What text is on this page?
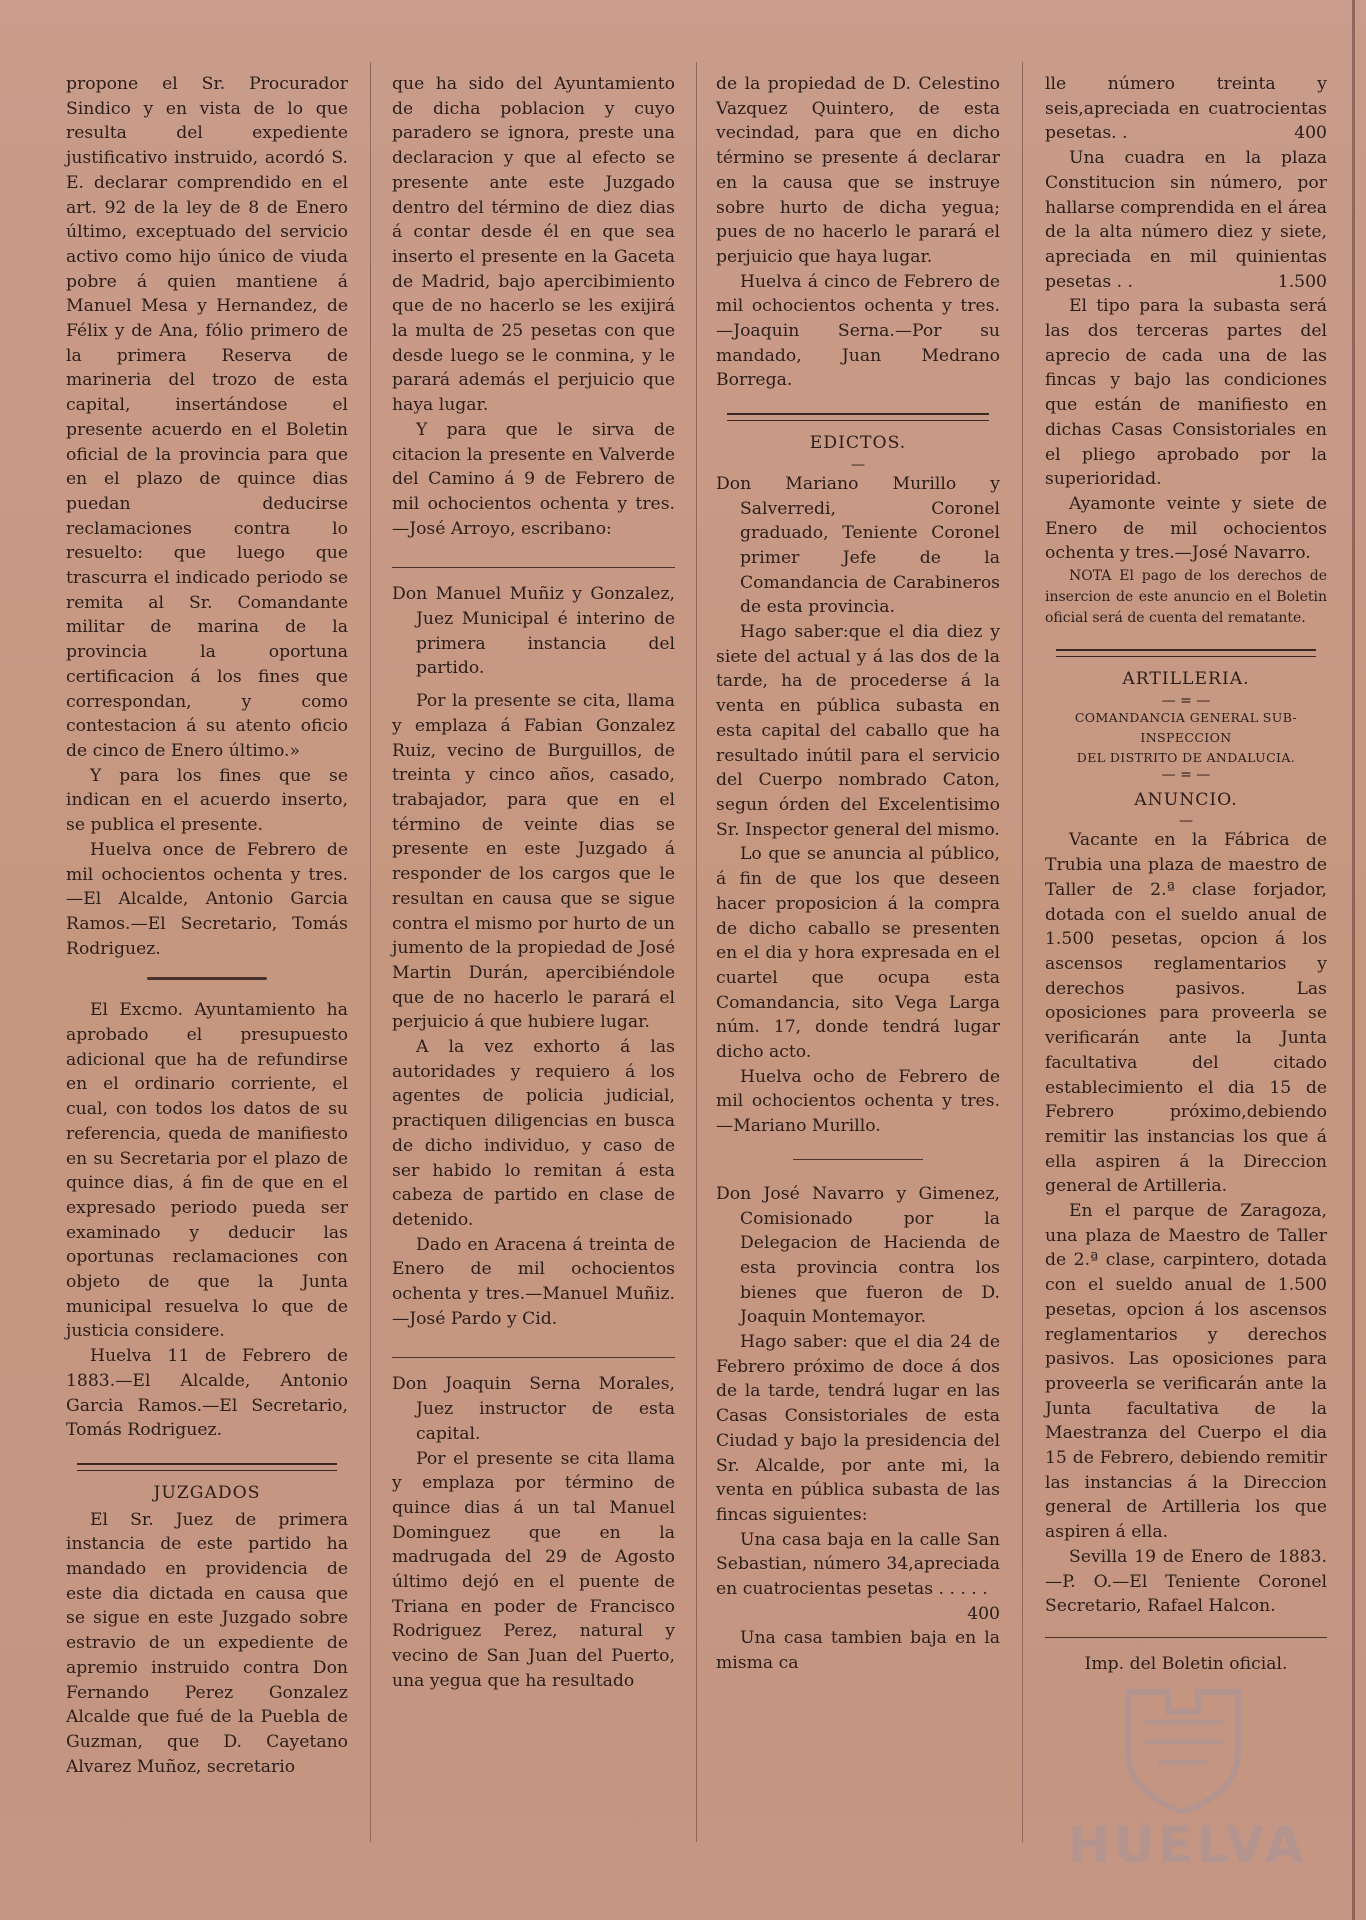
propone el Sr. Procurador Sindico y en vista de lo que resulta del expediente justificativo instruido, acordó S. E. declarar comprendido en el art. 92 de la ley de 8 de Enero último, exceptuado del servicio activo como hijo único de viuda pobre á quien mantiene á Manuel Mesa y Hernandez, de Félix y de Ana, fólio primero de la primera Reserva de marineria del trozo de esta capital, insertándose el presente acuerdo en el Boletin oficial de la provincia para que en el plazo de quince dias puedan deducirse reclamaciones contra lo resuelto: que luego que trascurra el indicado periodo se remita al Sr. Comandante militar de marina de la provincia la oportuna certificacion á los fines que correspondan, y como contestacion á su atento oficio de cinco de Enero último.»

Y para los fines que se indican en el acuerdo inserto, se publica el presente.

Huelva once de Febrero de mil ochocientos ochenta y tres.—El Alcalde, Antonio Garcia Ramos.—El Secretario, Tomás Rodriguez.

El Excmo. Ayuntamiento ha aprobado el presupuesto adicional que ha de refundirse en el ordinario corriente, el cual, con todos los datos de su referencia, queda de manifiesto en su Secretaria por el plazo de quince dias, á fin de que en el expresado periodo pueda ser examinado y deducir las oportunas reclamaciones con objeto de que la Junta municipal resuelva lo que de justicia considere.

Huelva 11 de Febrero de 1883.—El Alcalde, Antonio Garcia Ramos.—El Secretario, Tomás Rodriguez.

JUZGADOS

El Sr. Juez de primera instancia de este partido ha mandado en providencia de este dia dictada en causa que se sigue en este Juzgado sobre estravio de un expediente de apremio instruido contra Don Fernando Perez Gonzalez Alcalde que fué de la Puebla de Guzman, que D. Cayetano Alvarez Muñoz, secretario

que ha sido del Ayuntamiento de dicha poblacion y cuyo paradero se ignora, preste una declaracion y que al efecto se presente ante este Juzgado dentro del término de diez dias á contar desde él en que sea inserto el presente en la Gaceta de Madrid, bajo apercibimiento que de no hacerlo se les exijirá la multa de 25 pesetas con que desde luego se le conmina, y le parará además el perjuicio que haya lugar.

Y para que le sirva de citacion la presente en Valverde del Camino á 9 de Febrero de mil ochocientos ochenta y tres.—José Arroyo, escribano:

Don Manuel Muñiz y Gonzalez, Juez Municipal é interino de primera instancia del partido.

Por la presente se cita, llama y emplaza á Fabian Gonzalez Ruiz, vecino de Burguillos, de treinta y cinco años, casado, trabajador, para que en el término de veinte dias se presente en este Juzgado á responder de los cargos que le resultan en causa que se sigue contra el mismo por hurto de un jumento de la propiedad de José Martin Durán, apercibiéndole que de no hacerlo le parará el perjuicio á que hubiere lugar.

A la vez exhorto á las autoridades y requiero á los agentes de policia judicial, practiquen diligencias en busca de dicho individuo, y caso de ser habido lo remitan á esta cabeza de partido en clase de detenido.

Dado en Aracena á treinta de Enero de mil ochocientos ochenta y tres.—Manuel Muñiz.—José Pardo y Cid.

Don Joaquin Serna Morales, Juez instructor de esta capital.

Por el presente se cita llama y emplaza por término de quince dias á un tal Manuel Dominguez que en la madrugada del 29 de Agosto último dejó en el puente de Triana en poder de Francisco Rodriguez Perez, natural y vecino de San Juan del Puerto, una yegua que ha resultado

de la propiedad de D. Celestino Vazquez Quintero, de esta vecindad, para que en dicho término se presente á declarar en la causa que se instruye sobre hurto de dicha yegua; pues de no hacerlo le parará el perjuicio que haya lugar.

Huelva á cinco de Febrero de mil ochocientos ochenta y tres.—Joaquin Serna.—Por su mandado, Juan Medrano Borrega.

EDICTOS.
—

Don Mariano Murillo y Salverredi, Coronel graduado, Teniente Coronel primer Jefe de la Comandancia de Carabineros de esta provincia.

Hago saber:que el dia diez y siete del actual y á las dos de la tarde, ha de procederse á la venta en pública subasta en esta capital del caballo que ha resultado inútil para el servicio del Cuerpo nombrado Caton, segun órden del Excelentisimo Sr. Inspector general del mismo.

Lo que se anuncia al público, á fin de que los que deseen hacer proposicion á la compra de dicho caballo se presenten en el dia y hora expresada en el cuartel que ocupa esta Comandancia, sito Vega Larga núm. 17, donde tendrá lugar dicho acto.

Huelva ocho de Febrero de mil ochocientos ochenta y tres.—Mariano Murillo.

Don José Navarro y Gimenez, Comisionado por la Delegacion de Hacienda de esta provincia contra los bienes que fueron de D. Joaquin Montemayor.

Hago saber: que el dia 24 de Febrero próximo de doce á dos de la tarde, tendrá lugar en las Casas Consistoriales de esta Ciudad y bajo la presidencia del Sr. Alcalde, por ante mi, la venta en pública subasta de las fincas siguientes:

Una casa baja en la calle San Sebastian, número 34,apreciada en cuatrocientas pesetas . . . . .
400

Una casa tambien baja en la misma ca

lle número treinta y seis,apreciada en cuatrocientas pesetas. .	400

Una cuadra en la plaza Constitucion sin número, por hallarse comprendida en el área de la alta número diez y siete, apreciada en mil quinientas pesetas . .	1.500

El tipo para la subasta será las dos terceras partes del aprecio de cada una de las fincas y bajo las condiciones que están de manifiesto en dichas Casas Consistoriales en el pliego aprobado por la superioridad.

Ayamonte veinte y siete de Enero de mil ochocientos ochenta y tres.—José Navarro.

NOTA El pago de los derechos de insercion de este anuncio en el Boletin oficial será de cuenta del rematante.

ARTILLERIA.
— = —
COMANDANCIA GENERAL SUB-INSPECCION
DEL DISTRITO DE ANDALUCIA.
— = —
ANUNCIO.
—

Vacante en la Fábrica de Trubia una plaza de maestro de Taller de 2.ª clase forjador, dotada con el sueldo anual de 1.500 pesetas, opcion á los ascensos reglamentarios y derechos pasivos. Las oposiciones para proveerla se verificarán ante la Junta facultativa del citado establecimiento el dia 15 de Febrero próximo,debiendo remitir las instancias los que á ella aspiren á la Direccion general de Artilleria.

En el parque de Zaragoza, una plaza de Maestro de Taller de 2.ª clase, carpintero, dotada con el sueldo anual de 1.500 pesetas, opcion á los ascensos reglamentarios y derechos pasivos. Las oposiciones para proveerla se verificarán ante la Junta facultativa de la Maestranza del Cuerpo el dia 15 de Febrero, debiendo remitir las instancias á la Direccion general de Artilleria los que aspiren á ella.

Sevilla 19 de Enero de 1883.—P. O.—El Teniente Coronel Secretario, Rafael Halcon.

Imp. del Boletin oficial.

HUELVA
